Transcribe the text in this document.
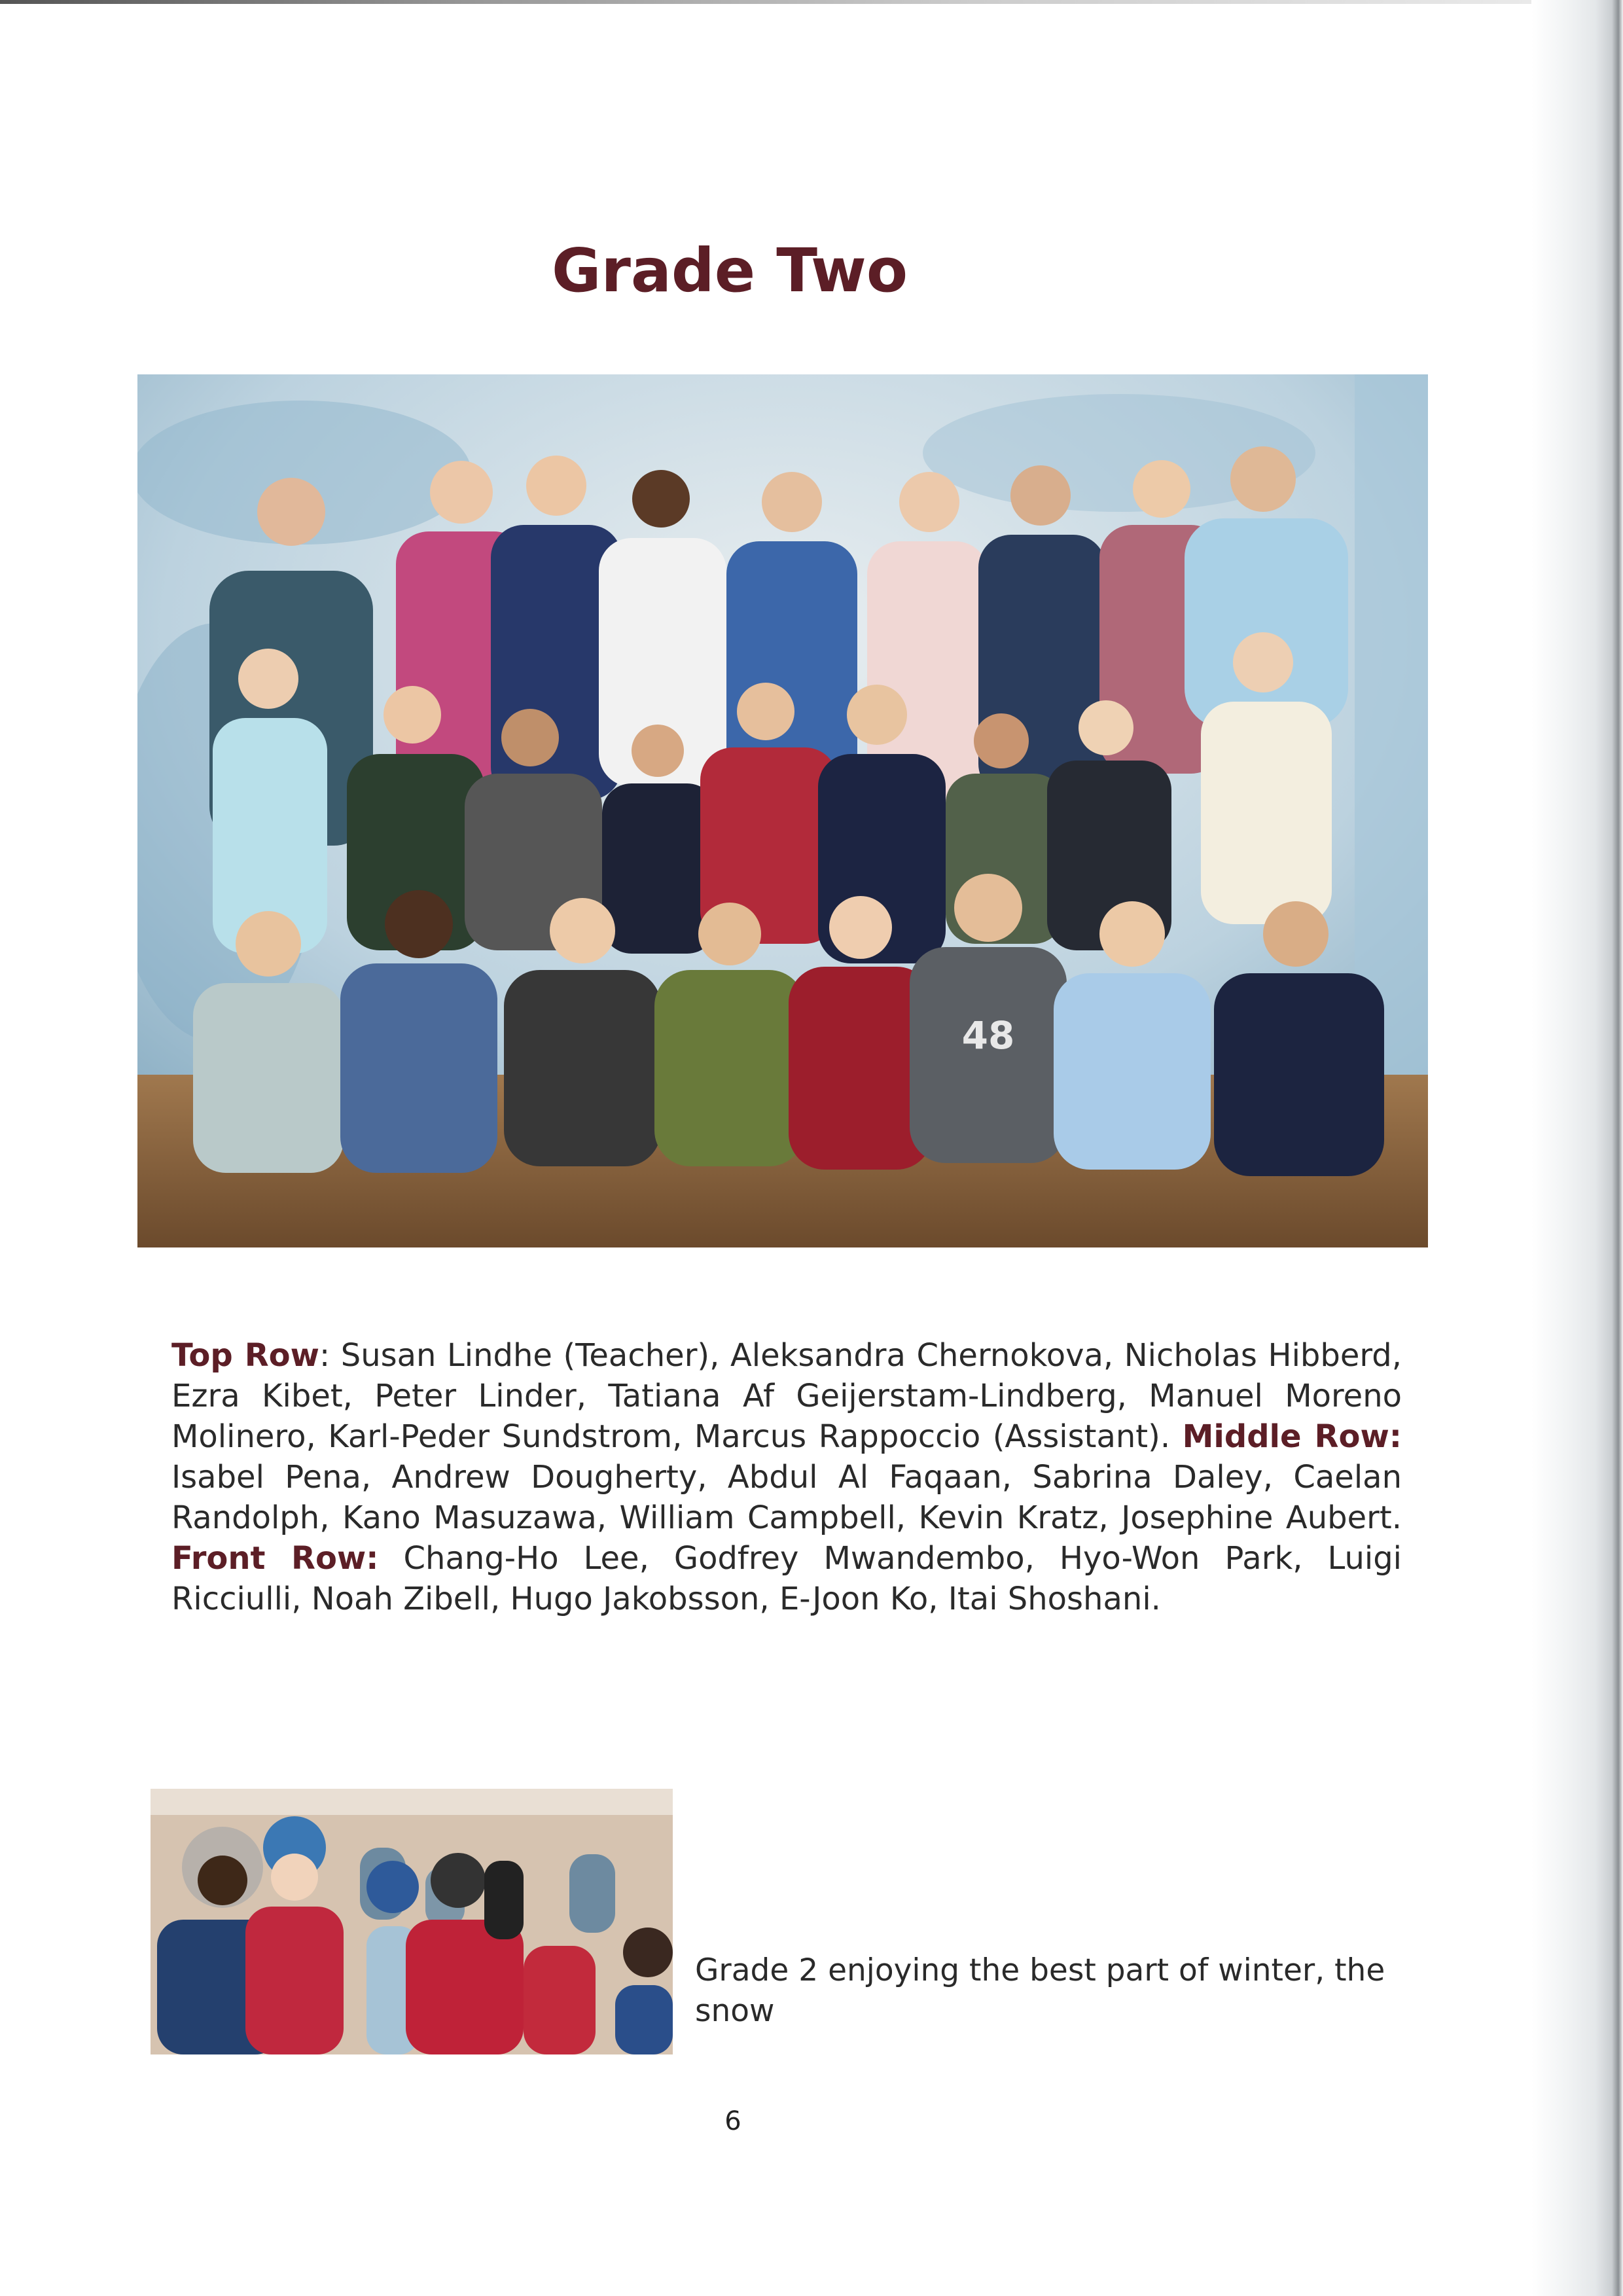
Grade Two
48

Top Row: Susan Lindhe (Teacher), Aleksandra Chernokova, Nicholas Hibberd, Ezra Kibet, Peter Linder, Tatiana Af Geijerstam-Lindberg, Manuel Moreno Molinero, Karl-Peder Sundstrom, Marcus Rappoccio (Assistant). Middle Row: Isabel Pena, Andrew Dougherty, Abdul Al Faqaan, Sabrina Daley, Caelan Randolph, Kano Masuzawa, William Campbell, Kevin Kratz, Josephine Aubert. Front Row: Chang-Ho Lee, Godfrey Mwandembo, Hyo-Won Park, Luigi Ricciulli, Noah Zibell, Hugo Jakobsson, E-Joon Ko, Itai Shoshani.

Grade 2 enjoying the best part of winter, the snow

6
